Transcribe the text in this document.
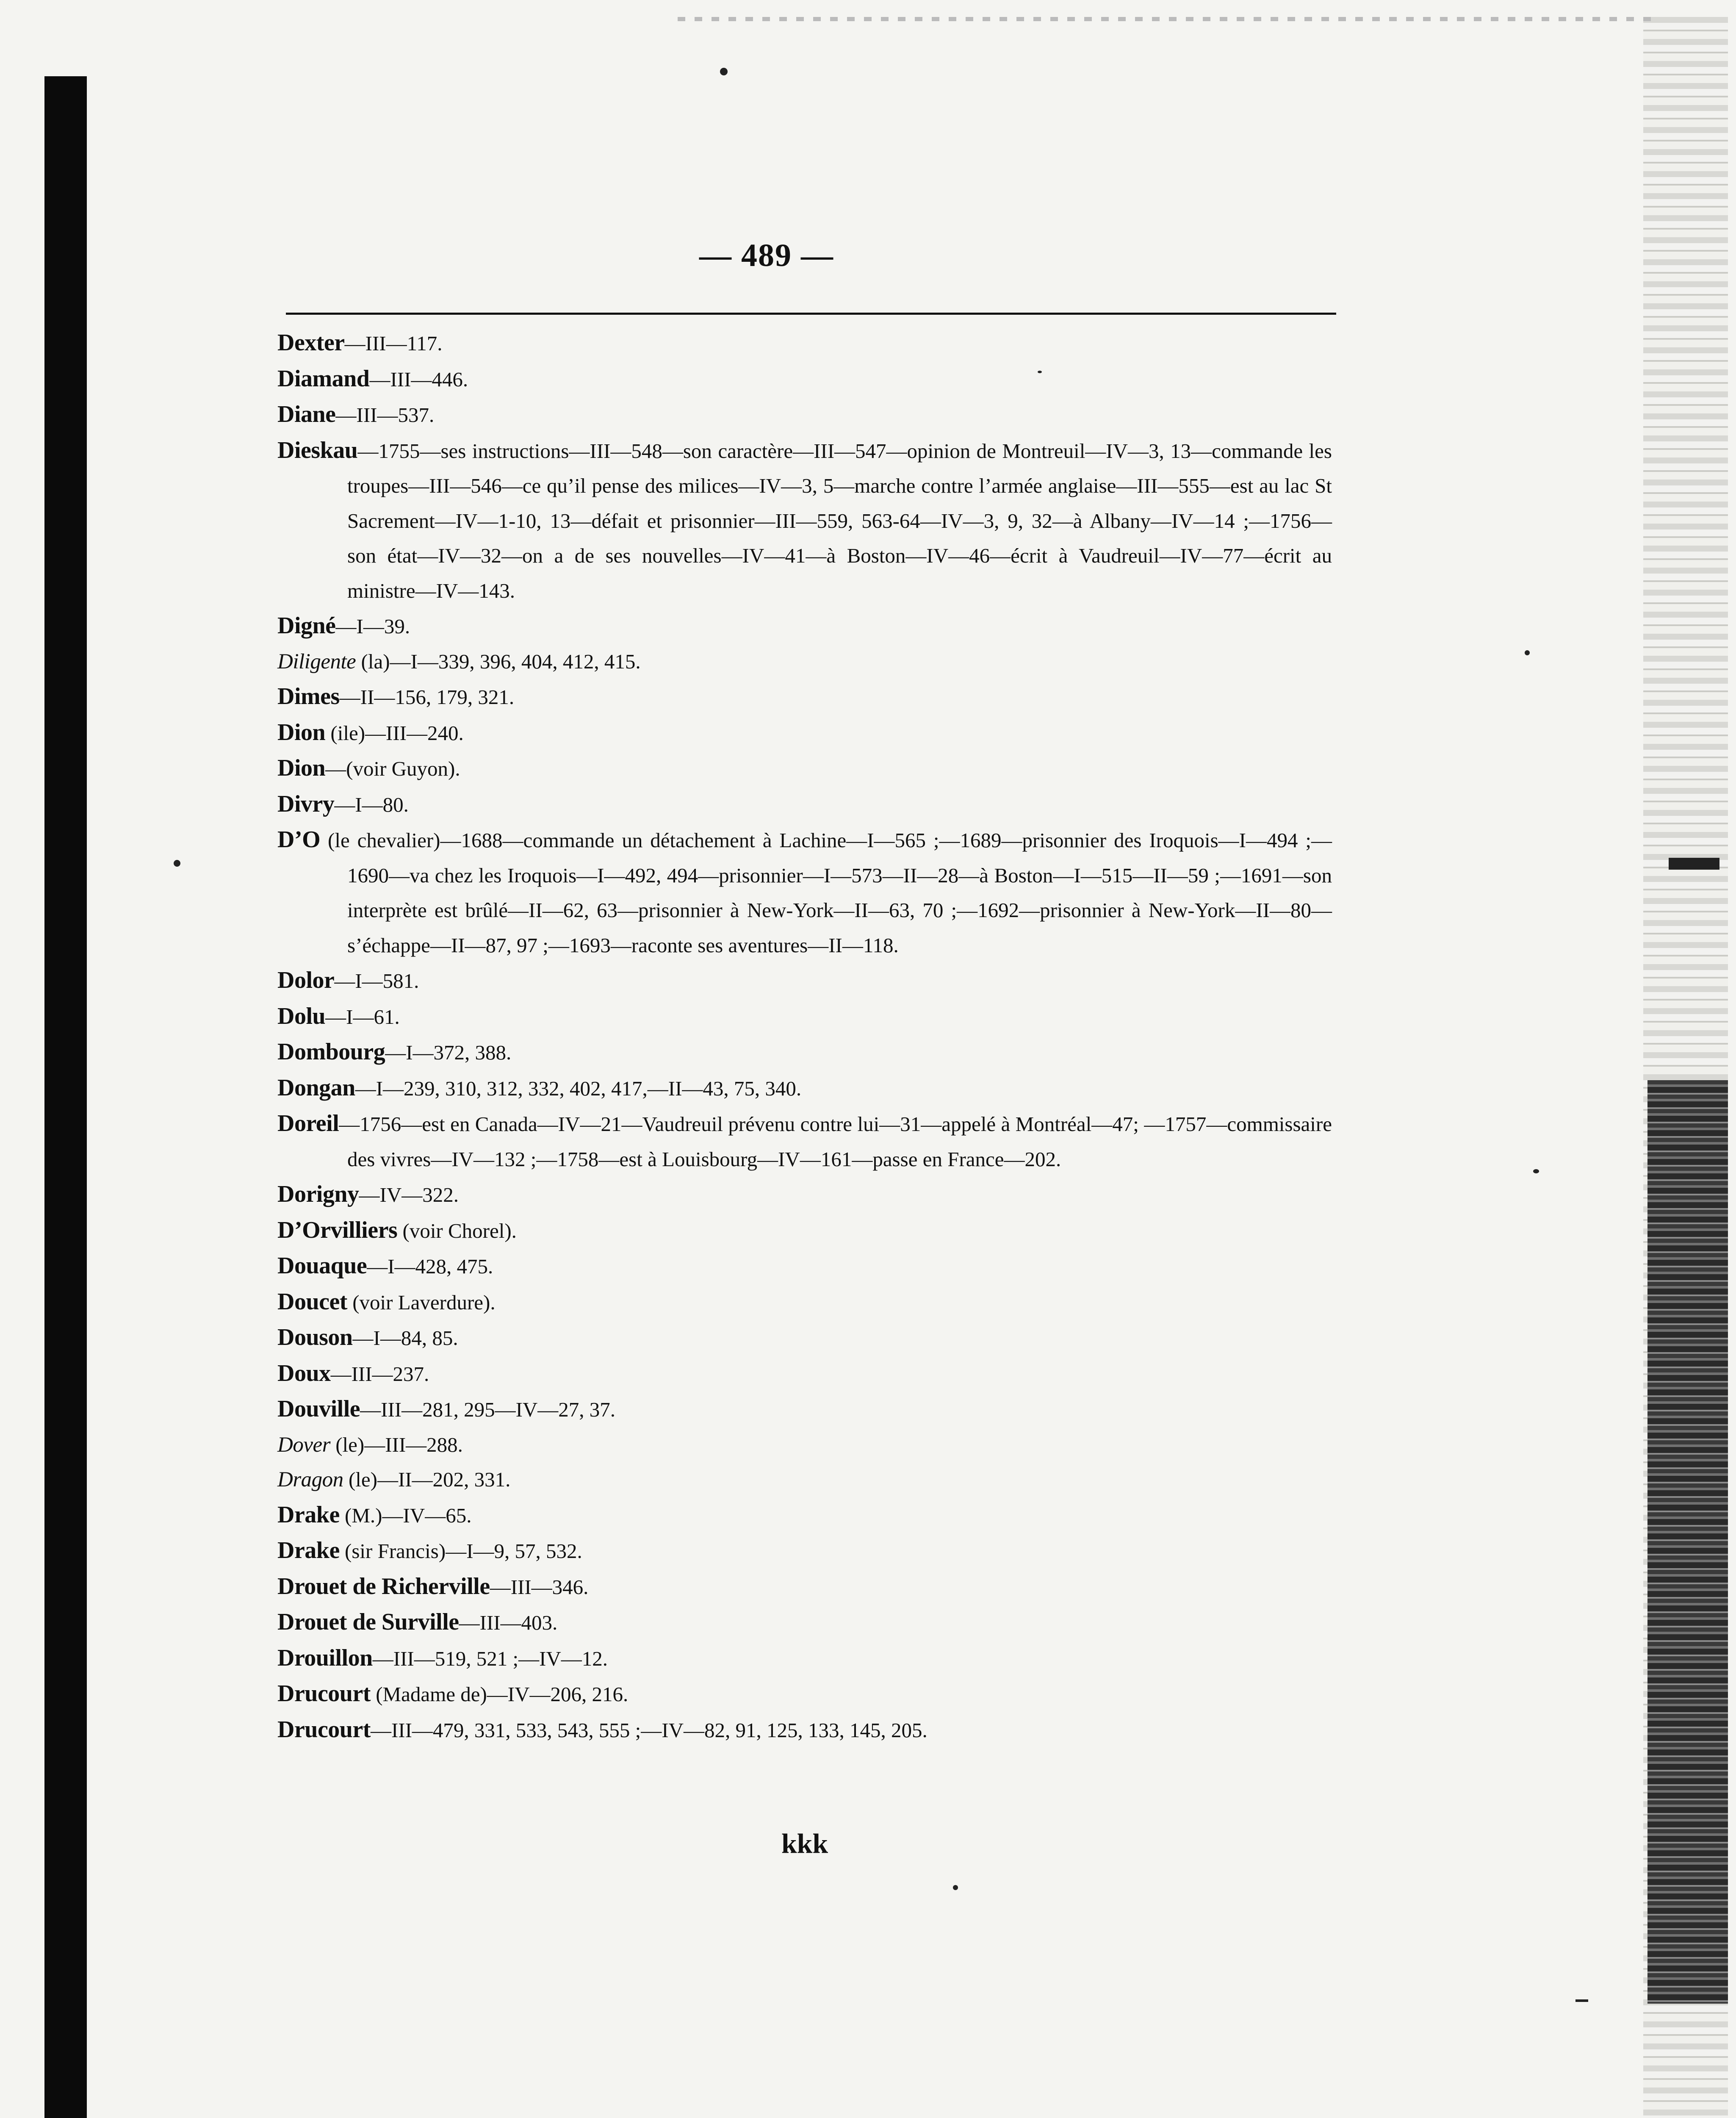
— 489 —

Dexter—III—117.

Diamand—III—446.

Diane—III—537.

Dieskau—1755—ses instructions—III—548—son caractère—III—547—opinion de Montreuil—IV—3, 13—commande les troupes—III—546—ce qu’il pense des milices—IV—3, 5—marche contre l’armée anglaise—III—555—est au lac St Sacrement—IV—1-10, 13—défait et prisonnier—III—559, 563-64—IV—3, 9, 32—à Albany—IV—14 ;—1756—son état—IV—32—on a de ses nouvelles—IV—41—à Boston—IV—46—écrit à Vaudreuil—IV—77—écrit au ministre—IV—143.

Digné—I—39.

Diligente (la)—I—339, 396, 404, 412, 415.

Dimes—II—156, 179, 321.

Dion (ile)—III—240.

Dion—(voir Guyon).

Divry—I—80.

D’O (le chevalier)—1688—commande un détachement à Lachine—I—565 ;—1689—prisonnier des Iroquois—I—494 ;—1690—va chez les Iroquois—I—492, 494—prisonnier—I—573—II—28—à Boston—I—515—II—59 ;—1691—son interprète est brûlé—II—62, 63—prisonnier à New-York—II—63, 70 ;—1692—prisonnier à New-York—II—80—s’échappe—II—87, 97 ;—1693—raconte ses aventures—II—118.

Dolor—I—581.

Dolu—I—61.

Dombourg—I—372, 388.

Dongan—I—239, 310, 312, 332, 402, 417,—II—43, 75, 340.

Doreil—1756—est en Canada—IV—21—Vaudreuil prévenu contre lui—31—appelé à Montréal—47; —1757—commissaire des vivres—IV—132 ;—1758—est à Louisbourg—IV—161—passe en France—202.

Dorigny—IV—322.

D’Orvilliers (voir Chorel).

Douaque—I—428, 475.

Doucet (voir Laverdure).

Douson—I—84, 85.

Doux—III—237.

Douville—III—281, 295—IV—27, 37.

Dover (le)—III—288.

Dragon (le)—II—202, 331.

Drake (M.)—IV—65.

Drake (sir Francis)—I—9, 57, 532.

Drouet de Richerville—III—346.

Drouet de Surville—III—403.

Drouillon—III—519, 521 ;—IV—12.

Drucourt (Madame de)—IV—206, 216.

Drucourt—III—479, 331, 533, 543, 555 ;—IV—82, 91, 125, 133, 145, 205.

kkk
